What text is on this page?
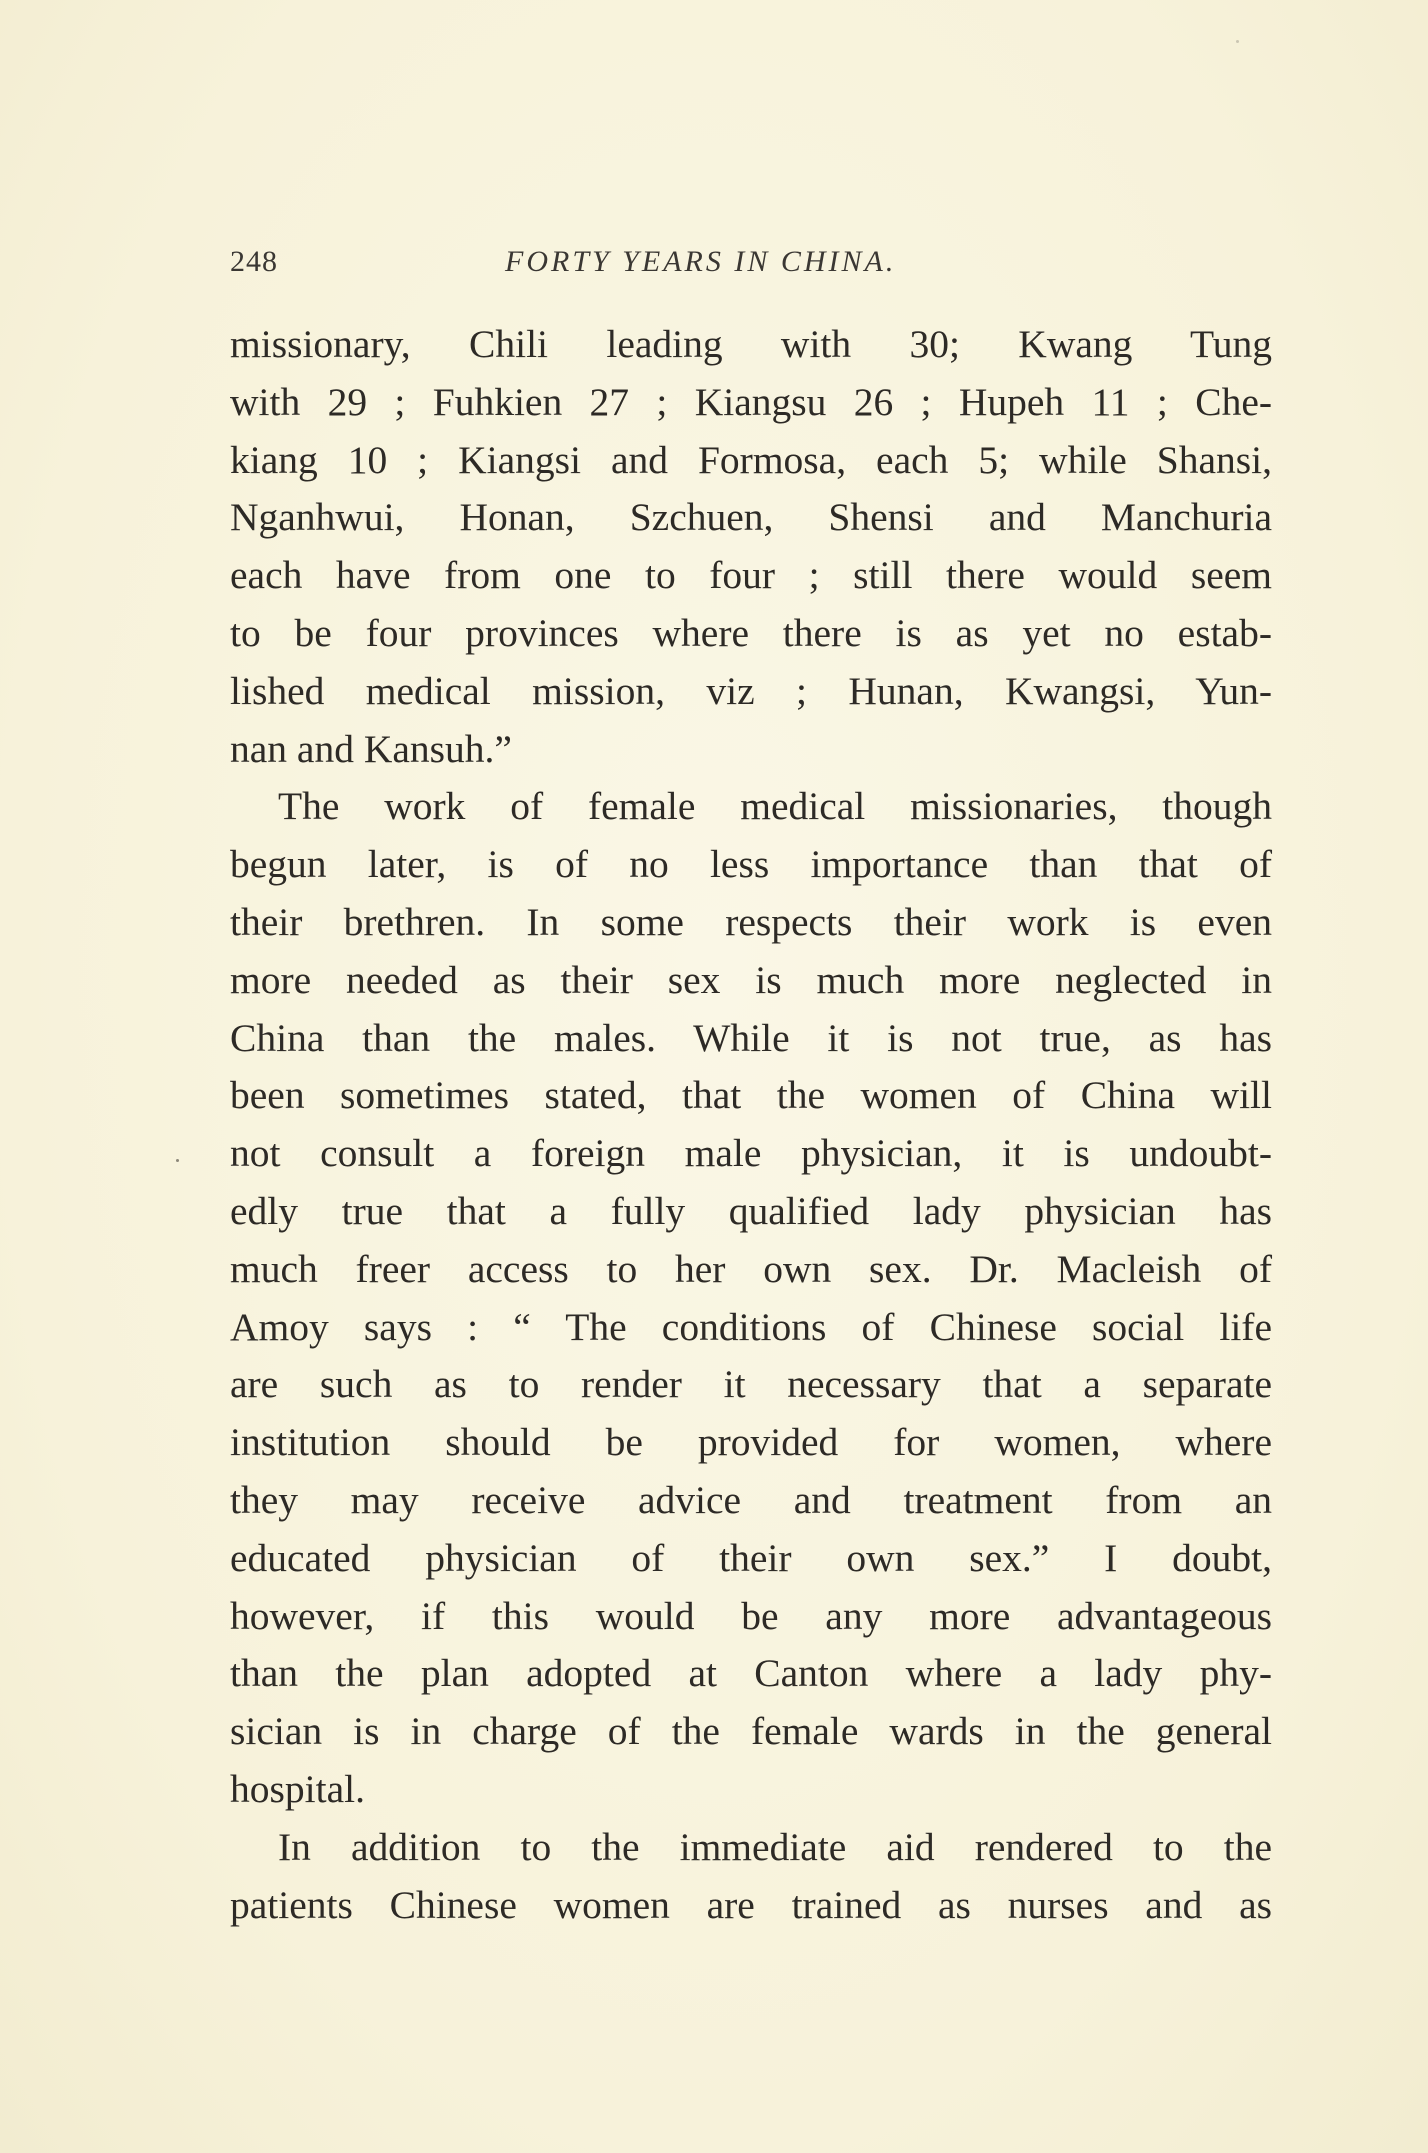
248	FORTY YEARS IN CHINA.
missionary, Chili leading with 30; Kwang Tung
with 29 ; Fuhkien 27 ; Kiangsu 26 ; Hupeh 11 ; Che-
kiang 10 ; Kiangsi and Formosa, each 5; while Shansi,
Nganhwui, Honan, Szchuen, Shensi and Manchuria
each have from one to four ; still there would seem
to be four provinces where there is as yet no estab-
lished medical mission, viz ; Hunan, Kwangsi, Yun-
nan and Kansuh.”
The work of female medical missionaries, though
begun later, is of no less importance than that of
their brethren. In some respects their work is even
more needed as their sex is much more neglected in
China than the males. While it is not true, as has
been sometimes stated, that the women of China will
not consult a foreign male physician, it is undoubt-
edly true that a fully qualified lady physician has
much freer access to her own sex. Dr. Macleish of
Amoy says : “ The conditions of Chinese social life
are such as to render it necessary that a separate
institution should be provided for women, where
they may receive advice and treatment from an
educated physician of their own sex.” I doubt,
however, if this would be any more advantageous
than the plan adopted at Canton where a lady phy-
sician is in charge of the female wards in the general
hospital.
In addition to the immediate aid rendered to the
patients Chinese women are trained as nurses and as
